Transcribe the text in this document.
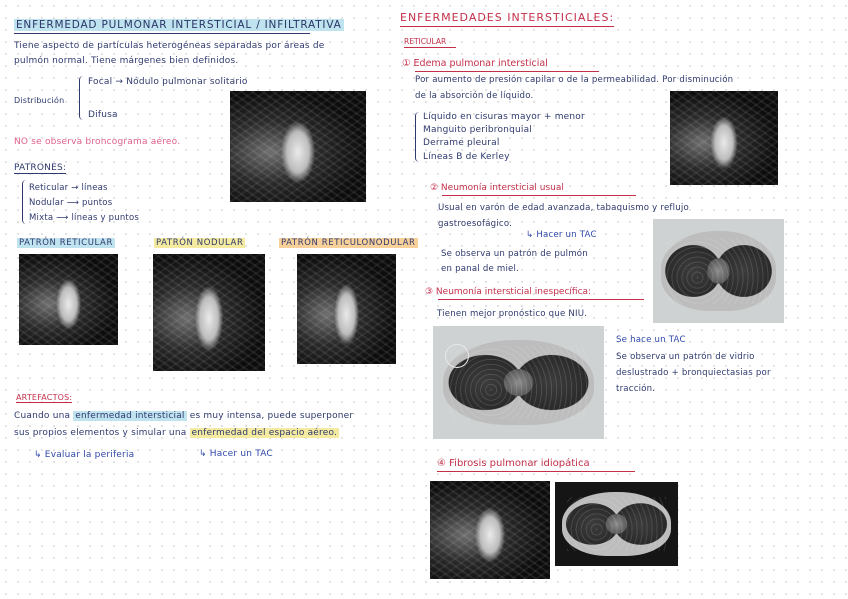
ENFERMEDAD PULMONAR INTERSTICIAL / INFILTRATIVA
Tiene aspecto de partículas heterogéneas separadas por áreas de
pulmón normal. Tiene márgenes bien definidos.
Distribución
Focal → Nódulo pulmonar solitario
Difusa
NO se observa broncograma aéreo.
PATRONES:
Reticular → líneas
Nodular ⟶ puntos
Mixta ⟶ líneas y puntos
PATRÓN RETICULAR	PATRÓN NODULAR	PATRÓN RETICULONODULAR
ARTEFACTOS:
Cuando una enfermedad intersticial es muy intensa, puede superponer
sus propios elementos y simular una enfermedad del espacio aéreo.
↳ Evaluar la periferia	↳ Hacer un TAC
ENFERMEDADES INTERSTICIALES:
RETICULAR
① Edema pulmonar intersticial
Por aumento de presión capilar o de la permeabilidad. Por disminución
de la absorción de líquido.
Líquido en cisuras mayor + menor
Manguito peribronquial
Derrame pleural
Líneas B de Kerley
② Neumonía intersticial usual
Usual en varón de edad avanzada, tabaquismo y reflujo
gastroesofágico.
↳ Hacer un TAC
Se observa un patrón de pulmón
en panal de miel.
③ Neumonía intersticial inespecífica:
Tienen mejor pronóstico que NIU.
Se hace un TAC
Se observa un patrón de vidrio
deslustrado + bronquiectasias por
tracción.
④ Fibrosis pulmonar idiopática
